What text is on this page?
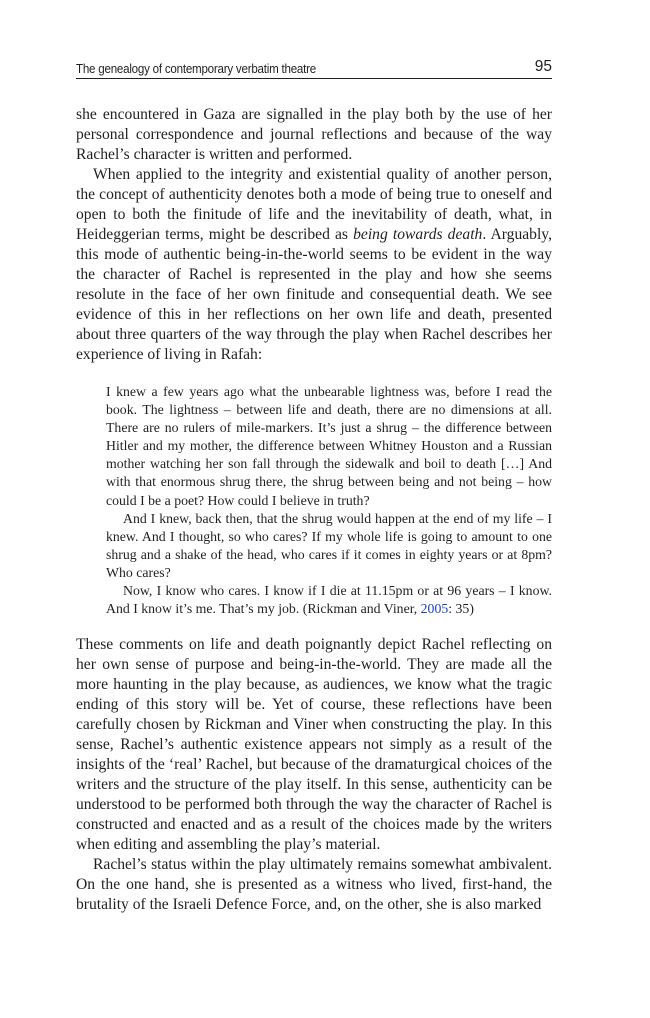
The genealogy of contemporary verbatim theatre	95

she encountered in Gaza are signalled in the play both by the use of her personal correspondence and journal reflections and because of the way Rachel’s character is written and performed.

When applied to the integrity and existential quality of another person, the concept of authenticity denotes both a mode of being true to oneself and open to both the finitude of life and the inevitability of death, what, in Heideggerian terms, might be described as being towards death. Arguably, this mode of authentic being-in-the-world seems to be evident in the way the character of Rachel is represented in the play and how she seems resolute in the face of her own finitude and consequential death. We see evidence of this in her reflections on her own life and death, presented about three quarters of the way through the play when Rachel describes her experience of living in Rafah:

I knew a few years ago what the unbearable lightness was, before I read the book. The lightness – between life and death, there are no dimensions at all. There are no rulers of mile-markers. It’s just a shrug – the difference between Hitler and my mother, the difference between Whitney Houston and a Russian mother watching her son fall through the sidewalk and boil to death […] And with that enormous shrug there, the shrug between being and not being – how could I be a poet? How could I believe in truth?

And I knew, back then, that the shrug would happen at the end of my life – I knew. And I thought, so who cares? If my whole life is going to amount to one shrug and a shake of the head, who cares if it comes in eighty years or at 8pm? Who cares?

Now, I know who cares. I know if I die at 11.15pm or at 96 years – I know. And I know it’s me. That’s my job. (Rickman and Viner, 2005: 35)

These comments on life and death poignantly depict Rachel reflecting on her own sense of purpose and being-in-the-world. They are made all the more haunting in the play because, as audiences, we know what the tragic ending of this story will be. Yet of course, these reflections have been carefully chosen by Rickman and Viner when constructing the play. In this sense, Rachel’s authentic existence appears not simply as a result of the insights of the ‘real’ Rachel, but because of the dramaturgical choices of the writers and the structure of the play itself. In this sense, authenticity can be understood to be performed both through the way the character of Rachel is constructed and enacted and as a result of the choices made by the writers when editing and assembling the play’s material.

Rachel’s status within the play ultimately remains somewhat ambivalent. On the one hand, she is presented as a witness who lived, first-hand, the brutality of the Israeli Defence Force, and, on the other, she is also marked
